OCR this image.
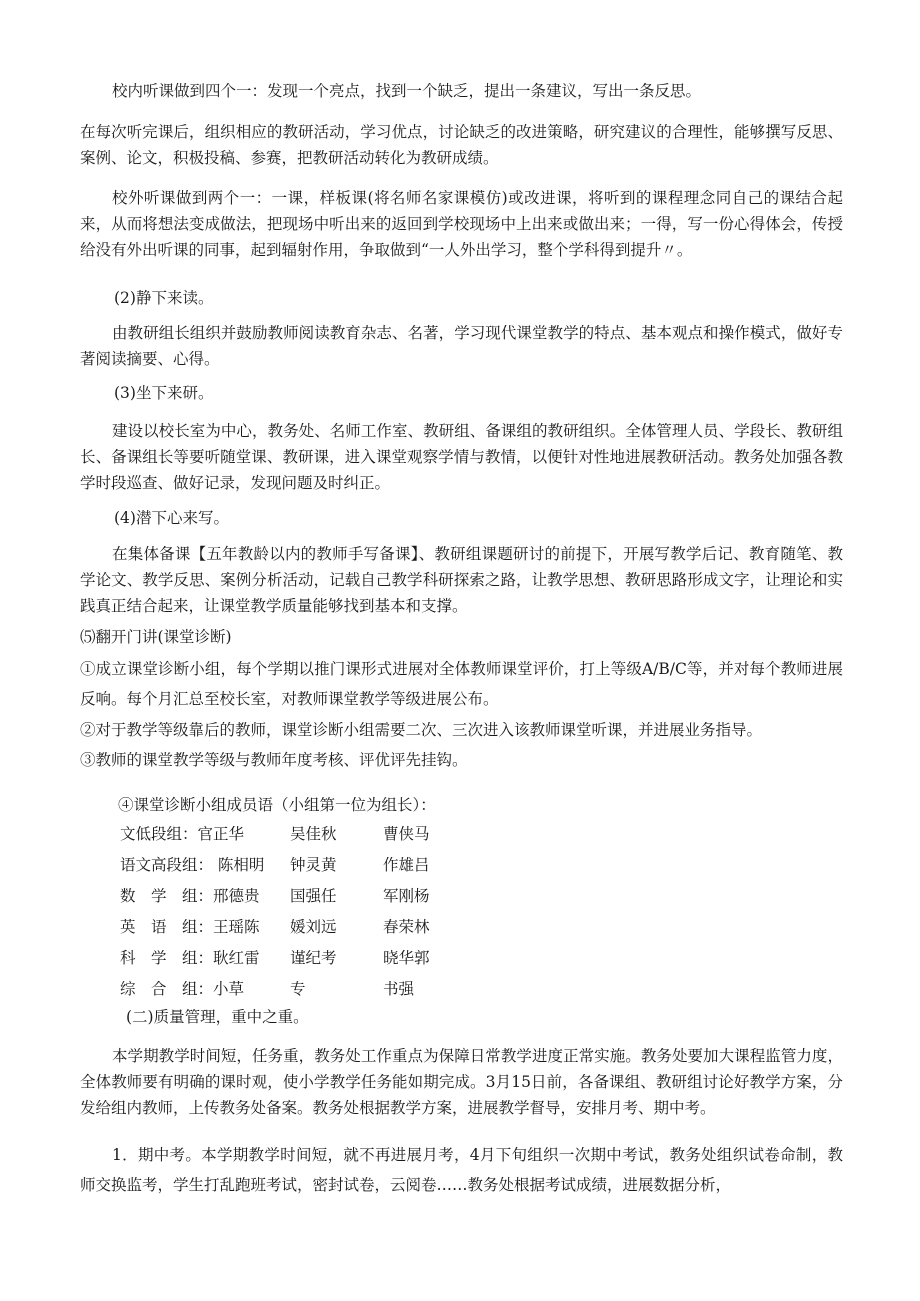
校内听课做到四个一：发现一个亮点，找到一个缺乏，提出一条建议，写出一条反思。

在每次听完课后，组织相应的教研活动，学习优点，讨论缺乏的改进策略，研究建议的合理性，能够撰写反思、案例、论文，积极投稿、参赛，把教研活动转化为教研成绩。

校外听课做到两个一：一课，样板课(将名师名家课模仿)或改进课，将听到的课程理念同自己的课结合起来，从而将想法变成做法，把现场中听出来的返回到学校现场中上出来或做出来；一得，写一份心得体会，传授给没有外出听课的同事，起到辐射作用，争取做到“一人外出学习，整个学科得到提升〃。

(2)静下来读。

由教研组长组织并鼓励教师阅读教育杂志、名著，学习现代课堂教学的特点、基本观点和操作模式，做好专著阅读摘要、心得。

(3)坐下来研。

建设以校长室为中心，教务处、名师工作室、教研组、备课组的教研组织。全体管理人员、学段长、教研组长、备课组长等要听随堂课、教研课，进入课堂观察学情与教情，以便针对性地进展教研活动。教务处加强各教学时段巡查、做好记录，发现问题及时纠正。

(4)潜下心来写。

在集体备课【五年教龄以内的教师手写备课】、教研组课题研讨的前提下，开展写教学后记、教育随笔、教学论文、教学反思、案例分析活动，记载自己教学科研探索之路，让教学思想、教研思路形成文字，让理论和实践真正结合起来，让课堂教学质量能够找到基本和支撑。

⑸翻开门讲(课堂诊断)

①成立课堂诊断小组，每个学期以推门课形式进展对全体教师课堂评价，打上等级A/B/C等，并对每个教师进展反响。每个月汇总至校长室，对教师课堂教学等级进展公布。

②对于教学等级靠后的教师，课堂诊断小组需要二次、三次进入该教师课堂听课，并进展业务指导。

③教师的课堂教学等级与教师年度考核、评优评先挂钩。

④课堂诊断小组成员语（小组第一位为组长）：

文低段组：官正华	吴佳秋	曹侠马
语文高段组： 陈相明 钟灵黄	作雄吕
数　学　组：邢德贵 国强任	军刚杨
英　语　组：王瑶陈 媛刘远	春荣林
科　学　组：耿红雷 谨纪考	晓华郭
综　合　组：小草	专	书强

(二)质量管理，重中之重。

本学期教学时间短，任务重，教务处工作重点为保障日常教学进度正常实施。教务处要加大课程监管力度，全体教师要有明确的课时观，使小学教学任务能如期完成。3月15日前，各备课组、教研组讨论好教学方案，分发给组内教师，上传教务处备案。教务处根据教学方案，进展教学督导，安排月考、期中考。

1．期中考。本学期教学时间短，就不再进展月考，4月下旬组织一次期中考试，教务处组织试卷命制，教师交换监考，学生打乱跑班考试，密封试卷，云阅卷……教务处根据考试成绩，进展数据分析，
